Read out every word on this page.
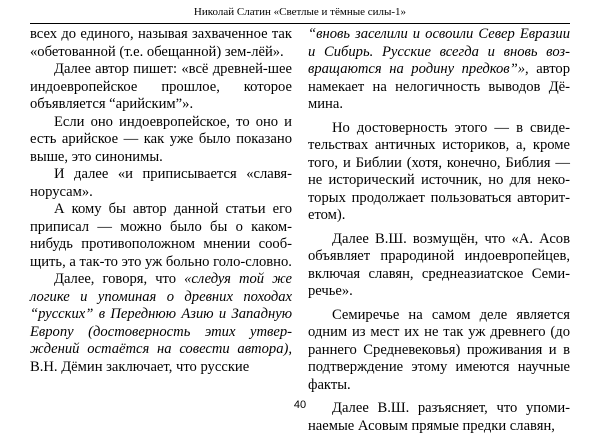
Николай Слатин «Светлые и тёмные силы-1»

всех до единого, называя захваченное так «обетованной (т.е. обещанной) зем-лёй».

Далее автор пишет: «всё древней-шее индоевропейское прошлое, которое объявляется “арийским”».

Если оно индоевропейское, то оно и есть арийское — как уже было показано выше, это синонимы.

И далее «и приписывается «славя-норусам».

А кому бы автор данной статьи его приписал — можно было бы о каком-нибудь противоположном мнении сооб-щить, а так-то это уж больно голо-словно.

Далее, говоря, что «следуя той же логике и упоминая о древних походах “русских” в Переднюю Азию и Западную Европу (достоверность этих утвер-ждений остаётся на совести автора), В.Н. Дёмин заключает, что русские

“вновь заселили и освоили Север Евразии и Сибирь. Русские всегда и вновь воз-вращаются на родину предков”», автор намекает на нелогичность выводов Дё-мина.

Но достоверность этого — в свиде-тельствах античных историков, а, кроме того, и Библии (хотя, конечно, Библия — не исторический источник, но для неко-торых продолжает пользоваться авторит-етом).

Далее В.Ш. возмущён, что «А. Асов объявляет прародиной индоевропейцев, включая славян, среднеазиатское Семи-речье».

Семиречье на самом деле является одним из мест их не так уж древнего (до раннего Средневековья) проживания и в подтверждение этому имеются научные факты.

Далее В.Ш. разъясняет, что упоми-наемые Асовым прямые предки славян,

40
